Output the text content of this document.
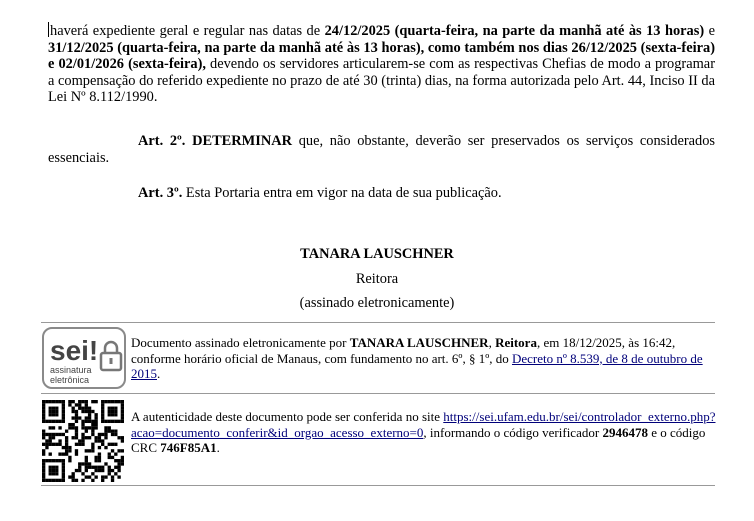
haverá expediente geral e regular nas datas de 24/12/2025 (quarta-feira, na parte da manhã até às 13 horas) e 31/12/2025 (quarta-feira, na parte da manhã até às 13 horas), como também nos dias 26/12/2025 (sexta-feira) e 02/01/2026 (sexta-feira), devendo os servidores articularem-se com as respectivas Chefias de modo a programar a compensação do referido expediente no prazo de até 30 (trinta) dias, na forma autorizada pelo Art. 44, Inciso II da Lei Nº 8.112/1990.

Art. 2º. DETERMINAR que, não obstante, deverão ser preservados os serviços considerados essenciais.

Art. 3º. Esta Portaria entra em vigor na data de sua publicação.

TANARA LAUSCHNER
Reitora
(assinado eletronicamente)
sei!
assinatura
eletrônica

Documento assinado eletronicamente por TANARA LAUSCHNER, Reitora, em 18/12/2025, às 16:42, conforme horário oficial de Manaus, com fundamento no art. 6º, § 1º, do Decreto nº 8.539, de 8 de outubro de 2015.

A autenticidade deste documento pode ser conferida no site https://sei.ufam.edu.br/sei/controlador_externo.php?acao=documento_conferir&id_orgao_acesso_externo=0, informando o código verificador 2946478 e o código CRC 746F85A1.
